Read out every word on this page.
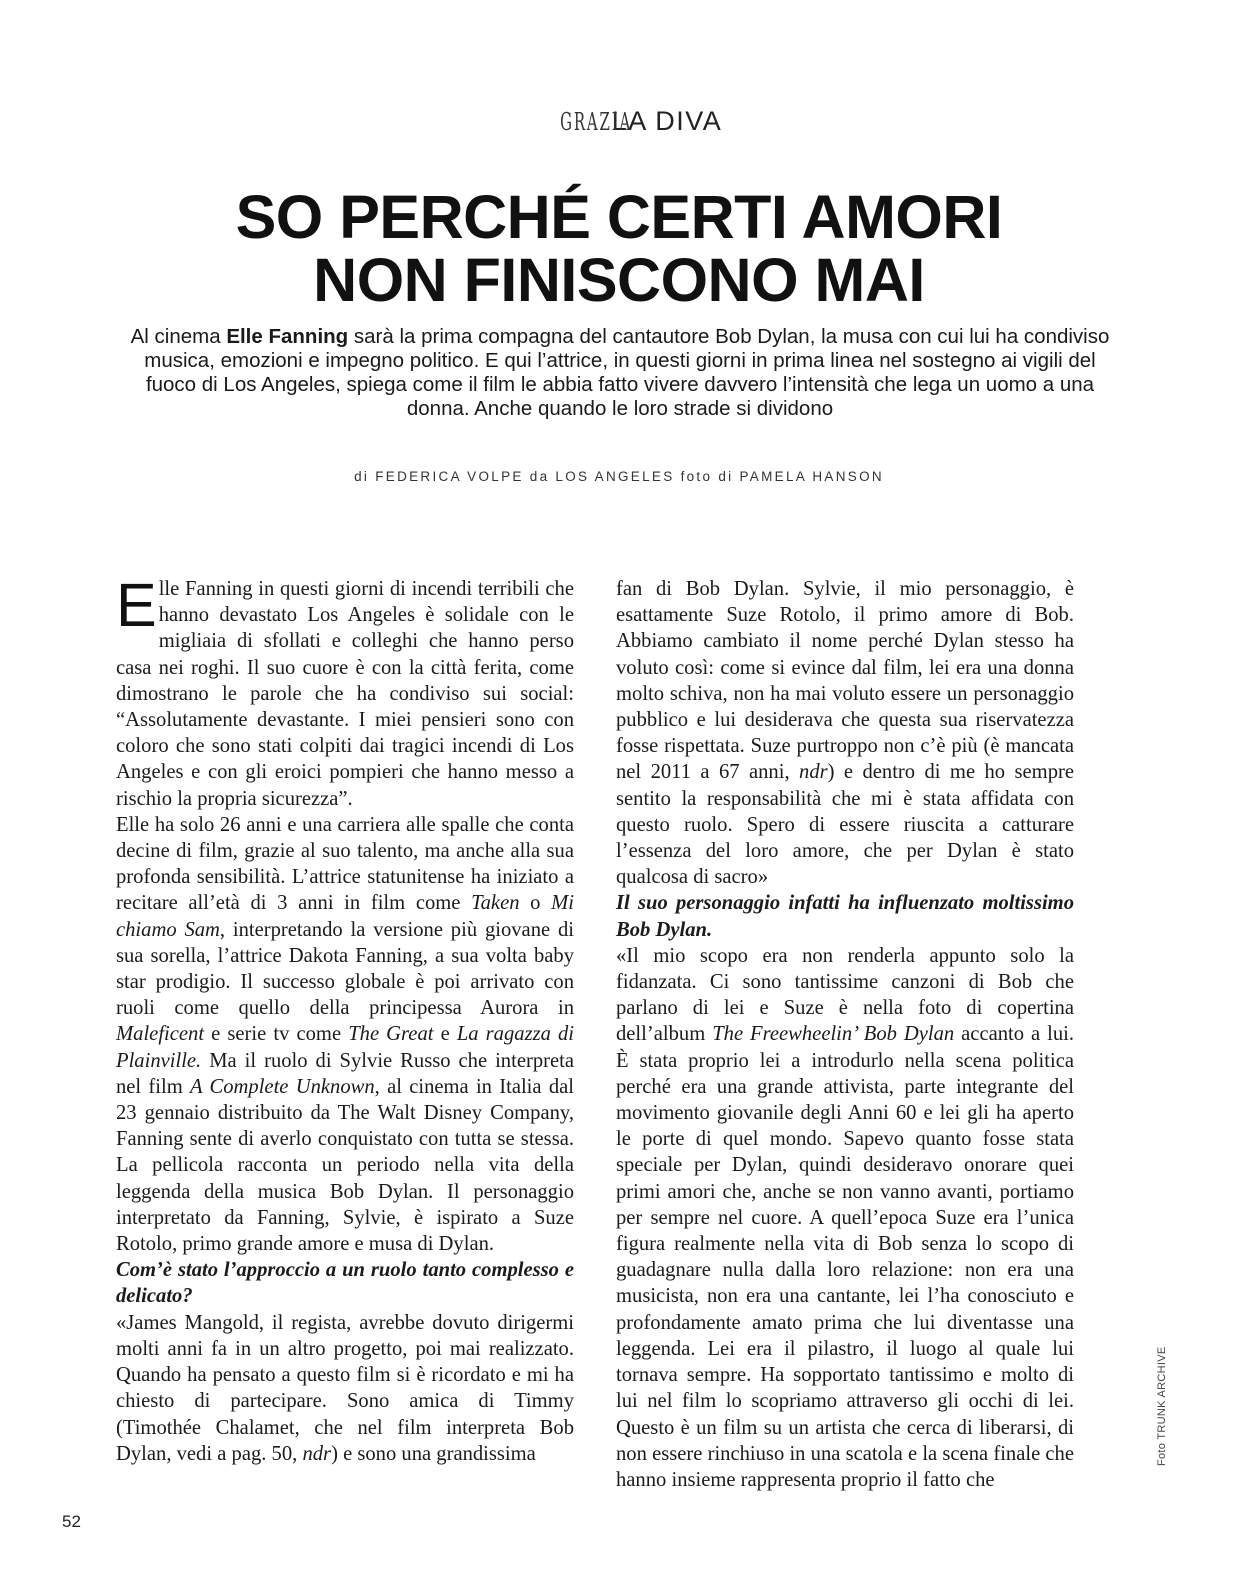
GRAZIA LA DIVA
SO PERCHÉ CERTI AMORI
NON FINISCONO MAI
Al cinema Elle Fanning sarà la prima compagna del cantautore Bob Dylan, la musa con cui lui ha condiviso musica, emozioni e impegno politico. E qui l’attrice, in questi giorni in prima linea nel sostegno ai vigili del fuoco di Los Angeles, spiega come il film le abbia fatto vivere davvero l’intensità che lega un uomo a una donna. Anche quando le loro strade si dividono
di FEDERICA VOLPE da LOS ANGELES foto di PAMELA HANSON

Elle Fanning in questi giorni di incendi terribili che hanno devastato Los Angeles è solidale con le migliaia di sfollati e colleghi che hanno perso casa nei roghi. Il suo cuore è con la città ferita, come dimostrano le parole che ha condiviso sui social: “Assolutamente devastante. I miei pensieri sono con coloro che sono stati colpiti dai tragici incendi di Los Angeles e con gli eroici pompieri che hanno messo a rischio la propria sicurezza”.

Elle ha solo 26 anni e una carriera alle spalle che conta decine di film, grazie al suo talento, ma anche alla sua profonda sensibilità. L’attrice statunitense ha iniziato a recitare all’età di 3 anni in film come Taken o Mi chiamo Sam, interpretando la versione più giovane di sua sorella, l’attrice Dakota Fanning, a sua volta baby star prodigio. Il successo globale è poi arrivato con ruoli come quello della principessa Aurora in Maleficent e serie tv come The Great e La ragazza di Plainville. Ma il ruolo di Sylvie Russo che interpreta nel film A Complete Unknown, al cinema in Italia dal 23 gennaio distribuito da The Walt Disney Company, Fanning sente di averlo conquistato con tutta se stessa. La pellicola racconta un periodo nella vita della leggenda della musica Bob Dylan. Il personaggio interpretato da Fanning, Sylvie, è ispirato a Suze Rotolo, primo grande amore e musa di Dylan.

Com’è stato l’approccio a un ruolo tanto complesso e delicato?

«James Mangold, il regista, avrebbe dovuto dirigermi molti anni fa in un altro progetto, poi mai realizzato. Quando ha pensato a questo film si è ricordato e mi ha chiesto di partecipare. Sono amica di Timmy (Timothée Chalamet, che nel film interpreta Bob Dylan, vedi a pag. 50, ndr) e sono una grandissima

fan di Bob Dylan. Sylvie, il mio personaggio, è esattamente Suze Rotolo, il primo amore di Bob. Abbiamo cambiato il nome perché Dylan stesso ha voluto così: come si evince dal film, lei era una donna molto schiva, non ha mai voluto essere un personaggio pubblico e lui desiderava che questa sua riservatezza fosse rispettata. Suze purtroppo non c’è più (è mancata nel 2011 a 67 anni, ndr) e dentro di me ho sempre sentito la responsabilità che mi è stata affidata con questo ruolo. Spero di essere riuscita a catturare l’essenza del loro amore, che per Dylan è stato qualcosa di sacro»

Il suo personaggio infatti ha influenzato moltissimo Bob Dylan.

«Il mio scopo era non renderla appunto solo la fidanzata. Ci sono tantissime canzoni di Bob che parlano di lei e Suze è nella foto di copertina dell’album The Freewheelin’ Bob Dylan accanto a lui. È stata proprio lei a introdurlo nella scena politica perché era una grande attivista, parte integrante del movimento giovanile degli Anni 60 e lei gli ha aperto le porte di quel mondo. Sapevo quanto fosse stata speciale per Dylan, quindi desideravo onorare quei primi amori che, anche se non vanno avanti, portiamo per sempre nel cuore. A quell’epoca Suze era l’unica figura realmente nella vita di Bob senza lo scopo di guadagnare nulla dalla loro relazione: non era una musicista, non era una cantante, lei l’ha conosciuto e profondamente amato prima che lui diventasse una leggenda. Lei era il pilastro, il luogo al quale lui tornava sempre. Ha sopportato tantissimo e molto di lui nel film lo scopriamo attraverso gli occhi di lei. Questo è un film su un artista che cerca di liberarsi, di non essere rinchiuso in una scatola e la scena finale che hanno insieme rappresenta proprio il fatto che

52
Foto TRUNK ARCHIVE
